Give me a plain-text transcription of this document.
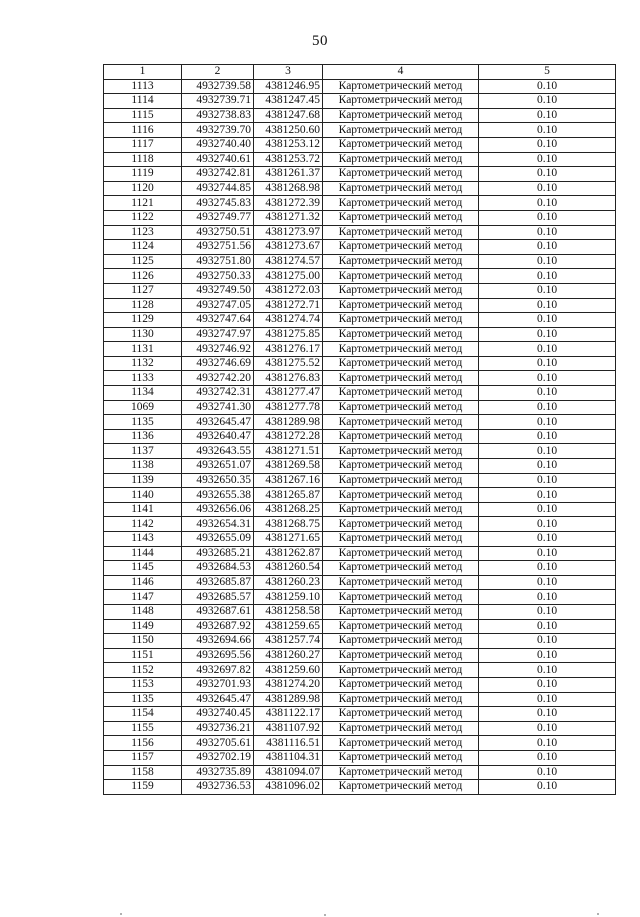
50
1	2	3	4	5
1113	4932739.58	4381246.95	Картометрический метод	0.10
1114	4932739.71	4381247.45	Картометрический метод	0.10
1115	4932738.83	4381247.68	Картометрический метод	0.10
1116	4932739.70	4381250.60	Картометрический метод	0.10
1117	4932740.40	4381253.12	Картометрический метод	0.10
1118	4932740.61	4381253.72	Картометрический метод	0.10
1119	4932742.81	4381261.37	Картометрический метод	0.10
1120	4932744.85	4381268.98	Картометрический метод	0.10
1121	4932745.83	4381272.39	Картометрический метод	0.10
1122	4932749.77	4381271.32	Картометрический метод	0.10
1123	4932750.51	4381273.97	Картометрический метод	0.10
1124	4932751.56	4381273.67	Картометрический метод	0.10
1125	4932751.80	4381274.57	Картометрический метод	0.10
1126	4932750.33	4381275.00	Картометрический метод	0.10
1127	4932749.50	4381272.03	Картометрический метод	0.10
1128	4932747.05	4381272.71	Картометрический метод	0.10
1129	4932747.64	4381274.74	Картометрический метод	0.10
1130	4932747.97	4381275.85	Картометрический метод	0.10
1131	4932746.92	4381276.17	Картометрический метод	0.10
1132	4932746.69	4381275.52	Картометрический метод	0.10
1133	4932742.20	4381276.83	Картометрический метод	0.10
1134	4932742.31	4381277.47	Картометрический метод	0.10
1069	4932741.30	4381277.78	Картометрический метод	0.10
1135	4932645.47	4381289.98	Картометрический метод	0.10
1136	4932640.47	4381272.28	Картометрический метод	0.10
1137	4932643.55	4381271.51	Картометрический метод	0.10
1138	4932651.07	4381269.58	Картометрический метод	0.10
1139	4932650.35	4381267.16	Картометрический метод	0.10
1140	4932655.38	4381265.87	Картометрический метод	0.10
1141	4932656.06	4381268.25	Картометрический метод	0.10
1142	4932654.31	4381268.75	Картометрический метод	0.10
1143	4932655.09	4381271.65	Картометрический метод	0.10
1144	4932685.21	4381262.87	Картометрический метод	0.10
1145	4932684.53	4381260.54	Картометрический метод	0.10
1146	4932685.87	4381260.23	Картометрический метод	0.10
1147	4932685.57	4381259.10	Картометрический метод	0.10
1148	4932687.61	4381258.58	Картометрический метод	0.10
1149	4932687.92	4381259.65	Картометрический метод	0.10
1150	4932694.66	4381257.74	Картометрический метод	0.10
1151	4932695.56	4381260.27	Картометрический метод	0.10
1152	4932697.82	4381259.60	Картометрический метод	0.10
1153	4932701.93	4381274.20	Картометрический метод	0.10
1135	4932645.47	4381289.98	Картометрический метод	0.10
1154	4932740.45	4381122.17	Картометрический метод	0.10
1155	4932736.21	4381107.92	Картометрический метод	0.10
1156	4932705.61	4381116.51	Картометрический метод	0.10
1157	4932702.19	4381104.31	Картометрический метод	0.10
1158	4932735.89	4381094.07	Картометрический метод	0.10
1159	4932736.53	4381096.02	Картометрический метод	0.10
